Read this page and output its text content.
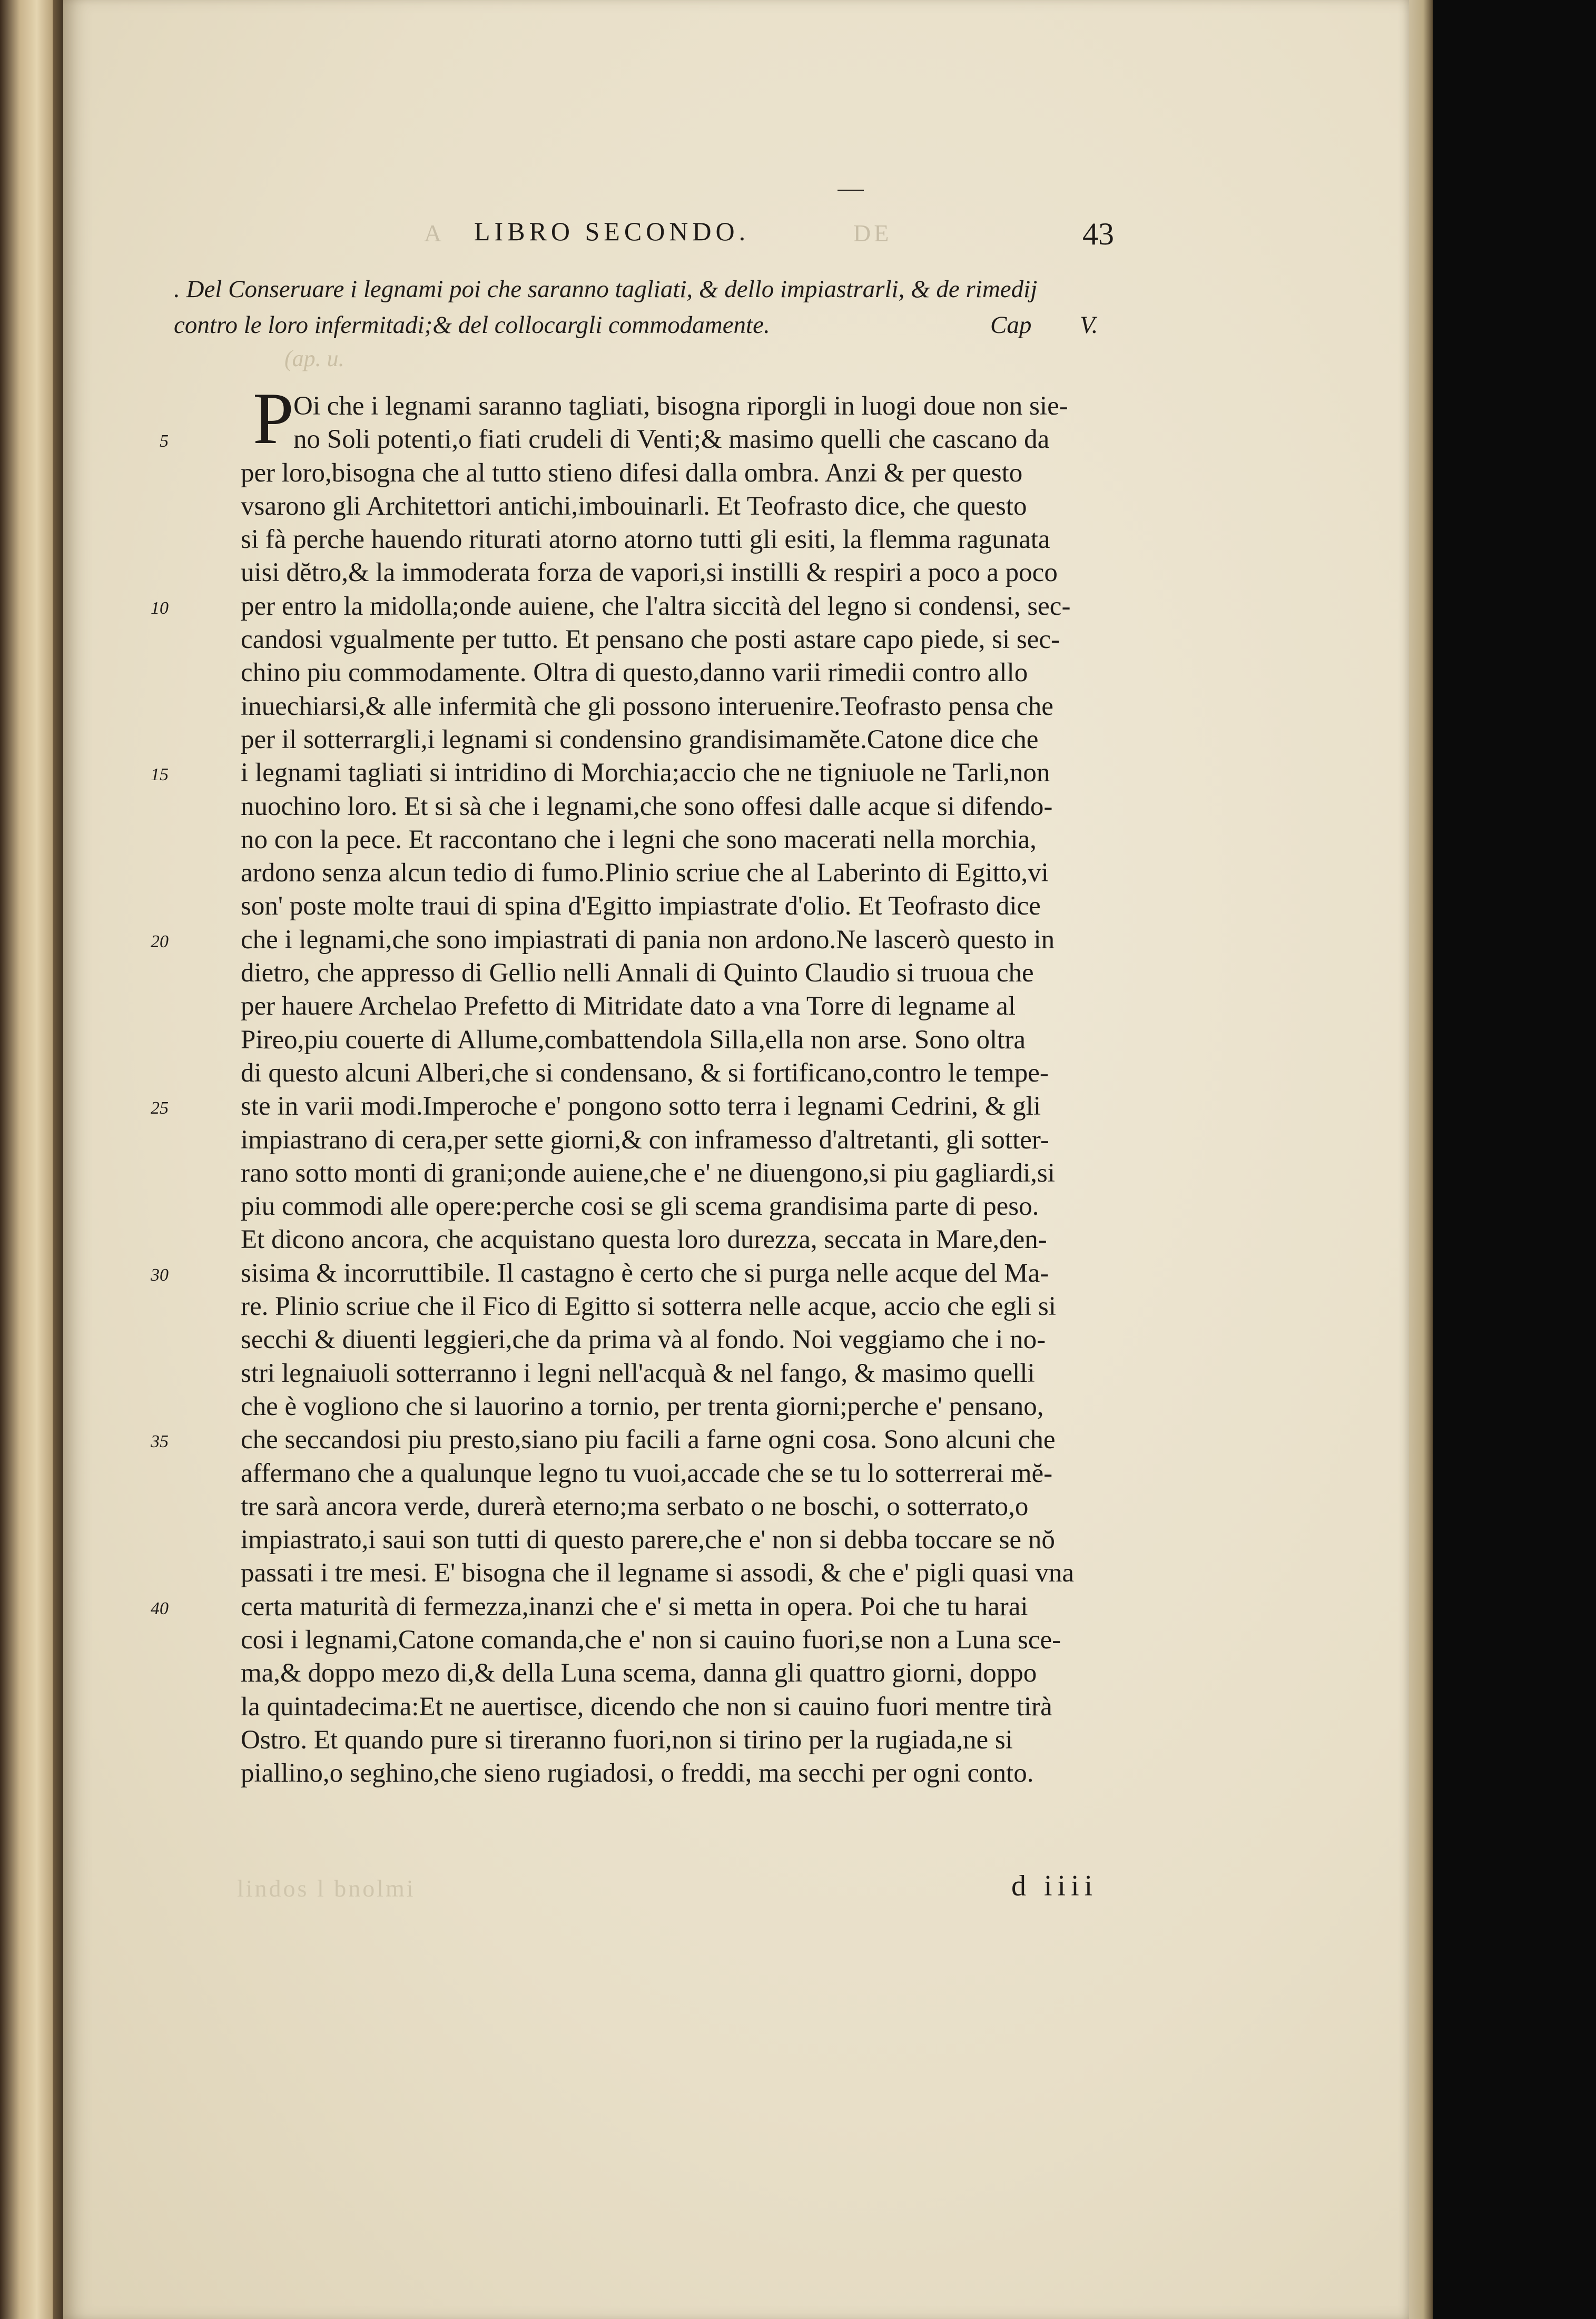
A LIBRO SECONDO.	DE	43
. Del Conseruare i legnami poi che saranno tagliati, & dello impiastrarli, & de rimedij
contro le loro infermitadi;& del collocargli commodamente.	Cap V.
(ap. u.
P Oi che i legnami saranno tagliati, bisogna riporgli in luogi doue non sie-
no Soli potenti,o fiati crudeli di Venti;& masimo quelli che cascano da
per loro,bisogna che al tutto stieno difesi dalla ombra. Anzi & per questo
vsarono gli Architettori antichi,imbouinarli. Et Teofrasto dice, che questo
si fà perche hauendo riturati atorno atorno tutti gli esiti, la flemma ragunata
uisi dĕtro,& la immoderata forza de vapori,si instilli & respiri a poco a poco
per entro la midolla;onde auiene, che l'altra siccità del legno si condensi, sec-
candosi vgualmente per tutto. Et pensano che posti astare capo piede, si sec-
chino piu commodamente. Oltra di questo,danno varii rimedii contro allo
inuechiarsi,& alle infermità che gli possono interuenire.Teofrasto pensa che
per il sotterrargli,i legnami si condensino grandisimamĕte.Catone dice che
i legnami tagliati si intridino di Morchia;accio che ne tigniuole ne Tarli,non
nuochino loro. Et si sà che i legnami,che sono offesi dalle acque si difendo-
no con la pece. Et raccontano che i legni che sono macerati nella morchia,
ardono senza alcun tedio di fumo.Plinio scriue che al Laberinto di Egitto,vi
son' poste molte traui di spina d'Egitto impiastrate d'olio. Et Teofrasto dice
che i legnami,che sono impiastrati di pania non ardono.Ne lascerò questo in
dietro, che appresso di Gellio nelli Annali di Quinto Claudio si truoua che
per hauere Archelao Prefetto di Mitridate dato a vna Torre di legname al
Pireo,piu couerte di Allume,combattendola Silla,ella non arse. Sono oltra
di questo alcuni Alberi,che si condensano, & si fortificano,contro le tempe-
ste in varii modi.Imperoche e' pongono sotto terra i legnami Cedrini, & gli
impiastrano di cera,per sette giorni,& con inframesso d'altretanti, gli sotter-
rano sotto monti di grani;onde auiene,che e' ne diuengono,si piu gagliardi,si
piu commodi alle opere:perche cosi se gli scema grandisima parte di peso.
Et dicono ancora, che acquistano questa loro durezza, seccata in Mare,den-
sisima & incorruttibile. Il castagno è certo che si purga nelle acque del Ma-
re. Plinio scriue che il Fico di Egitto si sotterra nelle acque, accio che egli si
secchi & diuenti leggieri,che da prima và al fondo. Noi veggiamo che i no-
stri legnaiuoli sotterranno i legni nell'acquà & nel fango, & masimo quelli
che è vogliono che si lauorino a tornio, per trenta giorni;perche e' pensano,
che seccandosi piu presto,siano piu facili a farne ogni cosa. Sono alcuni che
affermano che a qualunque legno tu vuoi,accade che se tu lo sotterrerai mĕ-
tre sarà ancora verde, durerà eterno;ma serbato o ne boschi, o sotterrato,o
impiastrato,i saui son tutti di questo parere,che e' non si debba toccare se nŏ
passati i tre mesi. E' bisogna che il legname si assodi, & che e' pigli quasi vna
certa maturità di fermezza,inanzi che e' si metta in opera. Poi che tu harai
cosi i legnami,Catone comanda,che e' non si cauino fuori,se non a Luna sce-
ma,& doppo mezo di,& della Luna scema, danna gli quattro giorni, doppo
la quintadecima:Et ne auertisce, dicendo che non si cauino fuori mentre tirà
Ostro. Et quando pure si tireranno fuori,non si tirino per la rugiada,ne si
piallino,o seghino,che sieno rugiadosi, o freddi, ma secchi per ogni conto.
5
10
15
20
25
30
35
40
lindos l bnolmi	d iiii
